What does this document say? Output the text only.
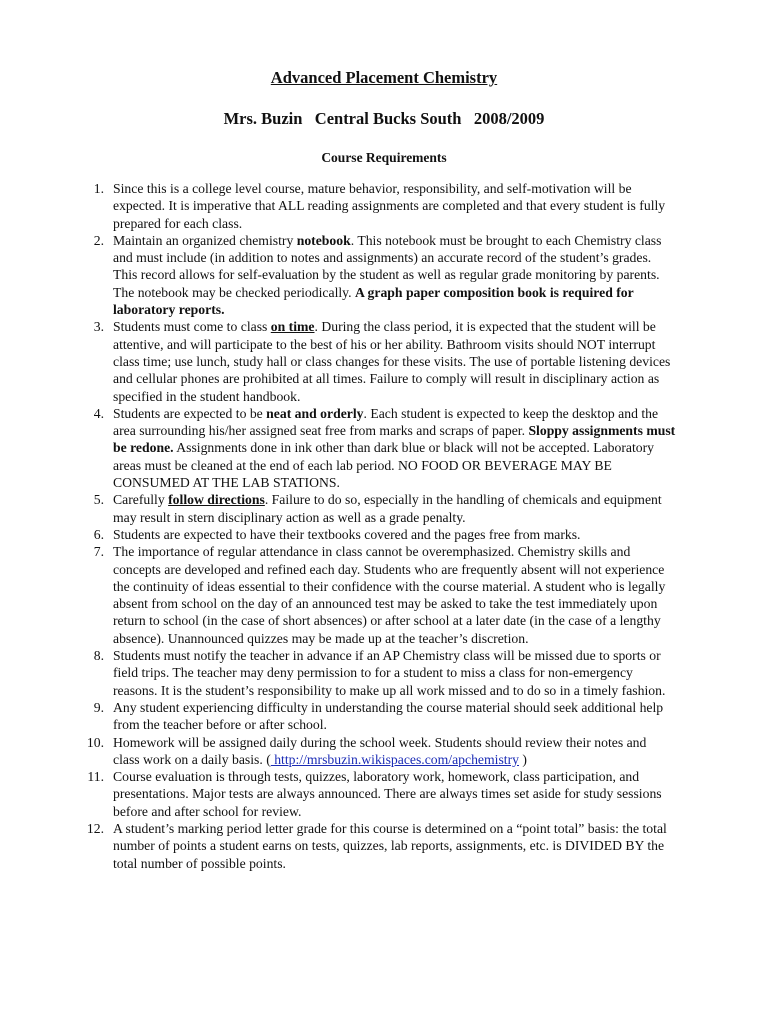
Advanced Placement Chemistry
Mrs. Buzin   Central Bucks South   2008/2009
Course Requirements
1. Since this is a college level course, mature behavior, responsibility, and self-motivation will be expected. It is imperative that ALL reading assignments are completed and that every student is fully prepared for each class.
2. Maintain an organized chemistry notebook. This notebook must be brought to each Chemistry class and must include (in addition to notes and assignments) an accurate record of the student’s grades. This record allows for self-evaluation by the student as well as regular grade monitoring by parents. The notebook may be checked periodically. A graph paper composition book is required for laboratory reports.
3. Students must come to class on time. During the class period, it is expected that the student will be attentive, and will participate to the best of his or her ability. Bathroom visits should NOT interrupt class time; use lunch, study hall or class changes for these visits. The use of portable listening devices and cellular phones are prohibited at all times. Failure to comply will result in disciplinary action as specified in the student handbook.
4. Students are expected to be neat and orderly. Each student is expected to keep the desktop and the area surrounding his/her assigned seat free from marks and scraps of paper. Sloppy assignments must be redone. Assignments done in ink other than dark blue or black will not be accepted. Laboratory areas must be cleaned at the end of each lab period. NO FOOD OR BEVERAGE MAY BE CONSUMED AT THE LAB STATIONS.
5. Carefully follow directions. Failure to do so, especially in the handling of chemicals and equipment may result in stern disciplinary action as well as a grade penalty.
6. Students are expected to have their textbooks covered and the pages free from marks.
7. The importance of regular attendance in class cannot be overemphasized. Chemistry skills and concepts are developed and refined each day. Students who are frequently absent will not experience the continuity of ideas essential to their confidence with the course material. A student who is legally absent from school on the day of an announced test may be asked to take the test immediately upon return to school (in the case of short absences) or after school at a later date (in the case of a lengthy absence). Unannounced quizzes may be made up at the teacher’s discretion.
8. Students must notify the teacher in advance if an AP Chemistry class will be missed due to sports or field trips. The teacher may deny permission to for a student to miss a class for non-emergency reasons. It is the student’s responsibility to make up all work missed and to do so in a timely fashion.
9. Any student experiencing difficulty in understanding the course material should seek additional help from the teacher before or after school.
10. Homework will be assigned daily during the school week. Students should review their notes and class work on a daily basis. ( http://mrsbuzin.wikispaces.com/apchemistry )
11. Course evaluation is through tests, quizzes, laboratory work, homework, class participation, and presentations. Major tests are always announced. There are always times set aside for study sessions before and after school for review.
12. A student’s marking period letter grade for this course is determined on a “point total” basis: the total number of points a student earns on tests, quizzes, lab reports, assignments, etc. is DIVIDED BY the total number of possible points.
